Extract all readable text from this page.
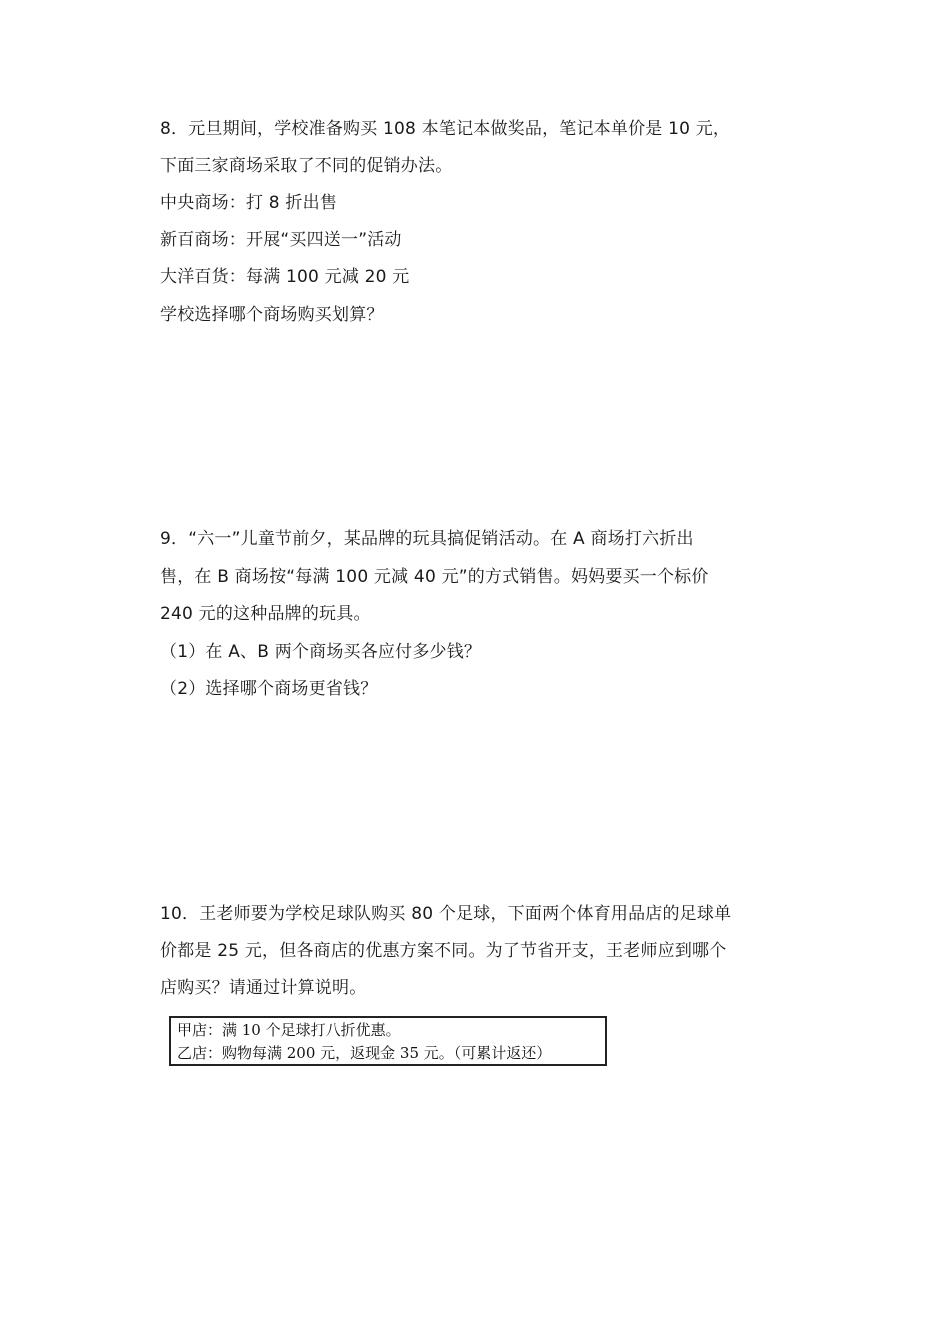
8．元旦期间，学校准备购买 108 本笔记本做奖品，笔记本单价是 10 元，
下面三家商场采取了不同的促销办法。
中央商场：打 8 折出售
新百商场：开展“买四送一”活动
大洋百货：每满 100 元减 20 元
学校选择哪个商场购买划算？
9．“六一”儿童节前夕，某品牌的玩具搞促销活动。在 A 商场打六折出
售，在 B 商场按“每满 100 元减 40 元”的方式销售。妈妈要买一个标价
240 元的这种品牌的玩具。
（1）在 A、B 两个商场买各应付多少钱？
（2）选择哪个商场更省钱？
10．王老师要为学校足球队购买 80 个足球，下面两个体育用品店的足球单
价都是 25 元，但各商店的优惠方案不同。为了节省开支，王老师应到哪个
店购买？请通过计算说明。
甲店：满 10 个足球打八折优惠。
乙店：购物每满 200 元，返现金 35 元。（可累计返还）
